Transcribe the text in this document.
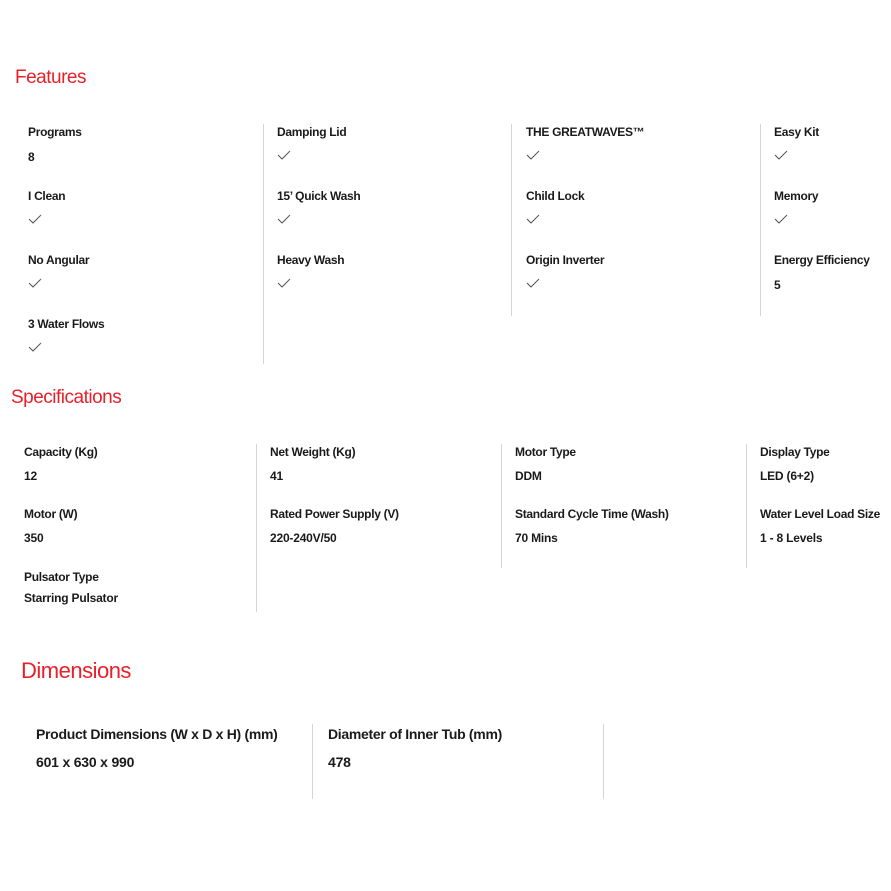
Features
Programs
8
I Clean
No Angular
3 Water Flows
Damping Lid
15’ Quick Wash
Heavy Wash
THE GREATWAVES™
Child Lock
Origin Inverter
Easy Kit
Memory
Energy Efficiency
5
Specifications
Capacity (Kg)
12
Motor (W)
350
Pulsator Type
Starring Pulsator
Net Weight (Kg)
41
Rated Power Supply (V)
220-240V/50
Motor Type
DDM
Standard Cycle Time (Wash)
70 Mins
Display Type
LED (6+2)
Water Level Load Size
1 - 8 Levels
Dimensions
Product Dimensions (W x D x H) (mm)
601 x 630 x 990
Diameter of Inner Tub (mm)
478
